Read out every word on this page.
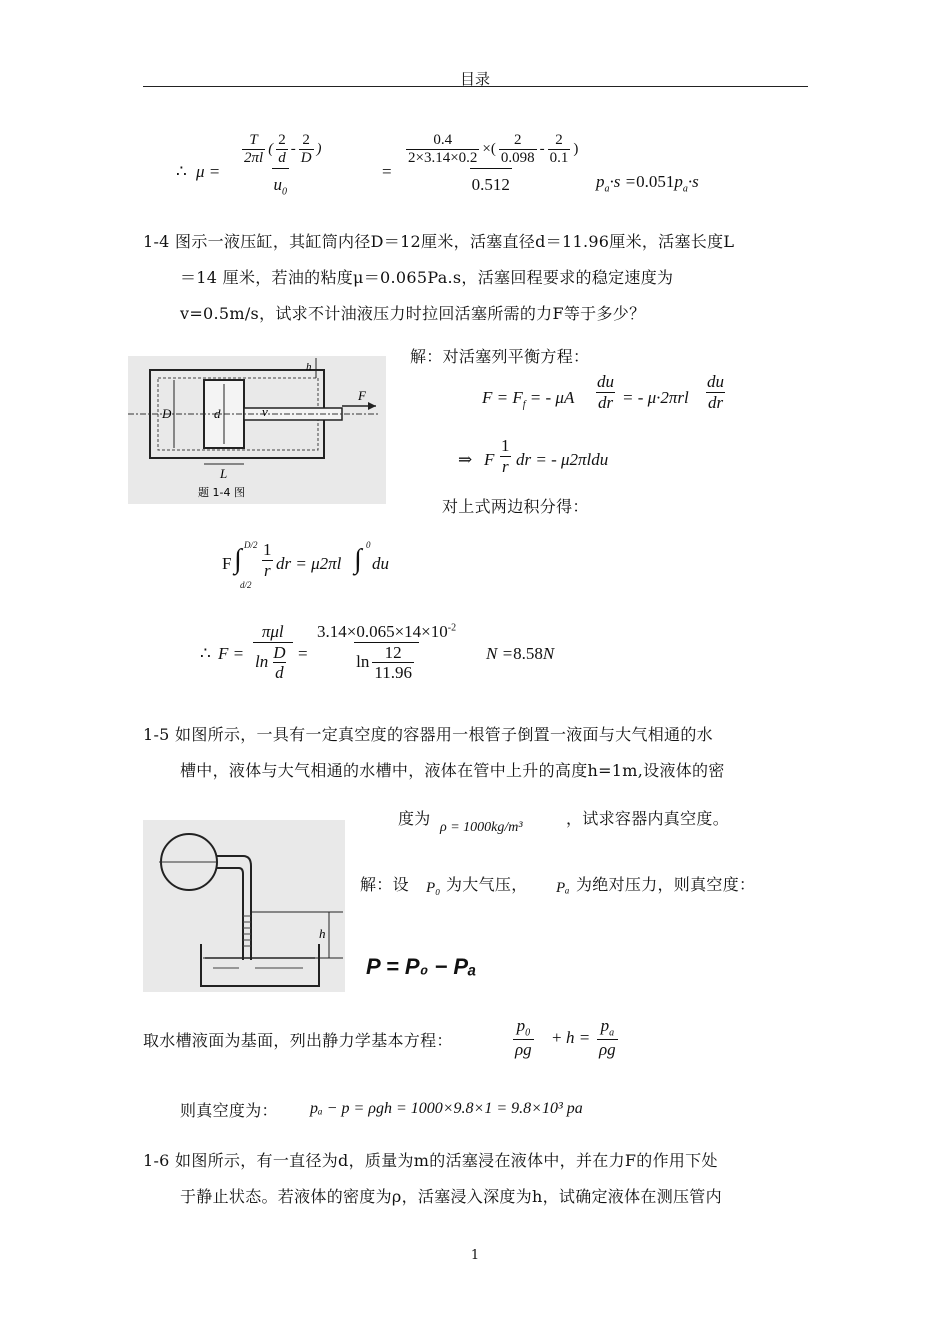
目录
∴ $\mu = \frac{\frac{T}{2\pi l} ( \frac{2}{d} - \frac{2}{D} )}{u_0}$	= $\frac{\frac{0.4}{2\times 3.14\times 0.2} \times( \frac{2}{0.098} - \frac{2}{0.1} )}{0.512} p_a\cdot s =0.051p_a\cdot s$
1-4 图示一液压缸，其缸筒内径D＝12厘米，活塞直径d＝11.96厘米，活塞长度L
＝14 厘米，若油的粘度μ＝0.065Pa.s，活塞回程要求的稳定速度为
v=0.5m/s，试求不计油液压力时拉回活塞所需的力F等于多少？
D	d	v
F
L
h
题 1-4 图
解：对活塞列平衡方程：
$F = F_f$ = - μA $\frac{du}{dr}$ = - $\mu\cdot 2\pi rl \frac{du}{dr}$
⇒ F $\frac{1}{r}$ dr = - μ2πldu
对上式两边积分得：
F ∫ D/2
d/2
$\frac{1}{r}$ dr = μ2πl ∫ 0
du
∴ F =
πμl
$\ln \frac{D}{d} = \frac{3.14\times 0.065\times 14\times 10^{-2}}{\ln \frac{12}{11.96}}$ N =8.58N
1-5 如图所示，一具有一定真空度的容器用一根管子倒置一液面与大气相通的水
槽中，液体与大气相通的水槽中，液体在管中上升的高度h=1m,设液体的密
度为 ρ = 1000kg/m³	，试求容器内真空度。
h
解：设	P₀ 为大气压，	Pₐ 为绝对压力，则真空度：
P = P₀ − Pₐ
取水槽液面为基面，列出静力学基本方程：	$\frac{p_0}{\rho g} + h = \frac{p_a}{\rho g}$
则真空度为：	pₐ − p = ρgh = 1000×9.8×1 = 9.8×10³ pa
1-6 如图所示，有一直径为d，质量为m的活塞浸在液体中，并在力F的作用下处
于静止状态。若液体的密度为ρ，活塞浸入深度为h，试确定液体在测压管内
1
